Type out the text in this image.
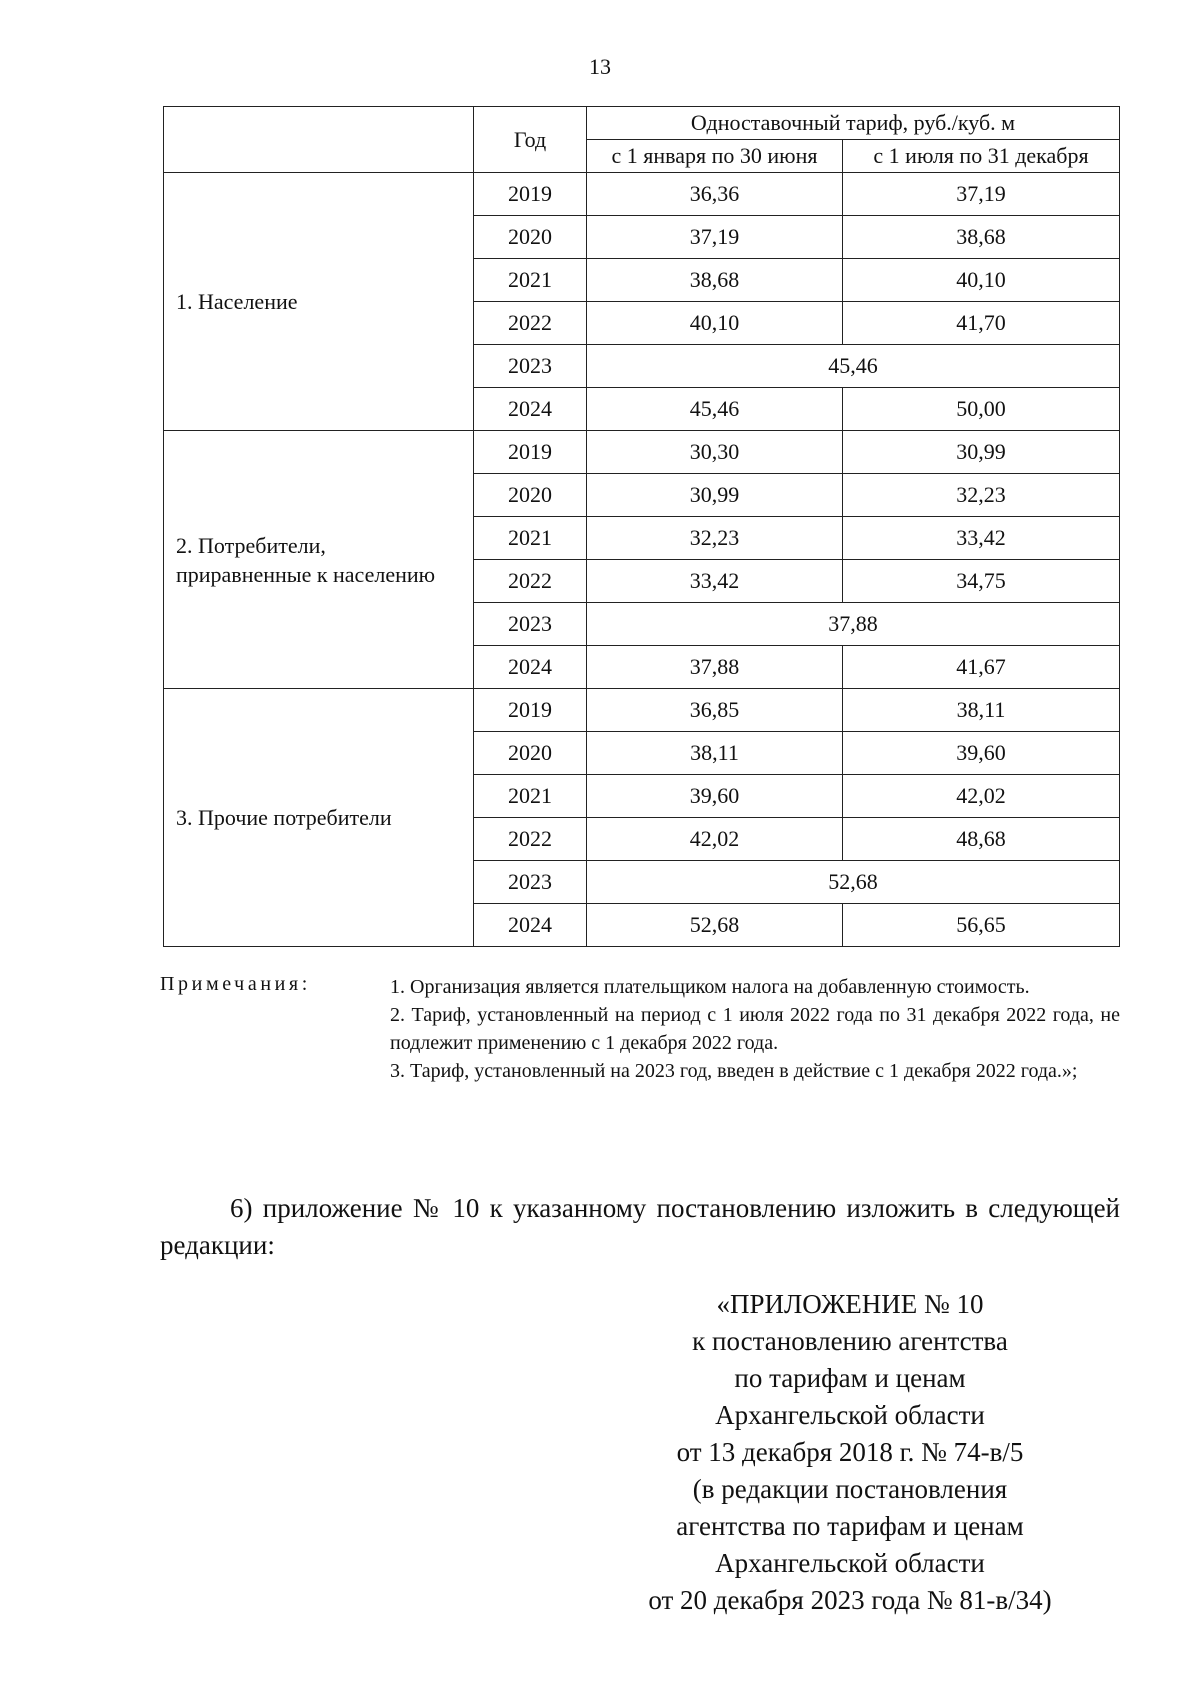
13
	Год	Одноставочный тариф, руб./куб. м	
		с 1 января по 30 июня	с 1 июля по 31 декабря

1. Население	2019	36,36	37,19
	2020	37,19	38,68
	2021	38,68	40,10
	2022	40,10	41,70
	2023	45,46	
	2024	45,46	50,00

2. Потребители,
приравненные к населению	2019	30,30	30,99
	2020	30,99	32,23
	2021	32,23	33,42
	2022	33,42	34,75
	2023	37,88	
	2024	37,88	41,67

3. Прочие потребители	2019	36,85	38,11
	2020	38,11	39,60
	2021	39,60	42,02
	2022	42,02	48,68
	2023	52,68	
	2024	52,68	56,65
Примечания:	1. Организация является плательщиком налога на добавленную стоимость.
2. Тариф, установленный на период с 1 июля 2022 года по 31 декабря 2022 года, не подлежит применению с 1 декабря 2022 года.
3. Тариф, установленный на 2023 год, введен в действие с 1 декабря 2022 года.»;
6) приложение № 10 к указанному постановлению изложить в следующей редакции:
«ПРИЛОЖЕНИЕ № 10
к постановлению агентства
по тарифам и ценам
Архангельской области
от 13 декабря 2018 г. № 74-в/5
(в редакции постановления
агентства по тарифам и ценам
Архангельской области
от 20 декабря 2023 года № 81-в/34)
